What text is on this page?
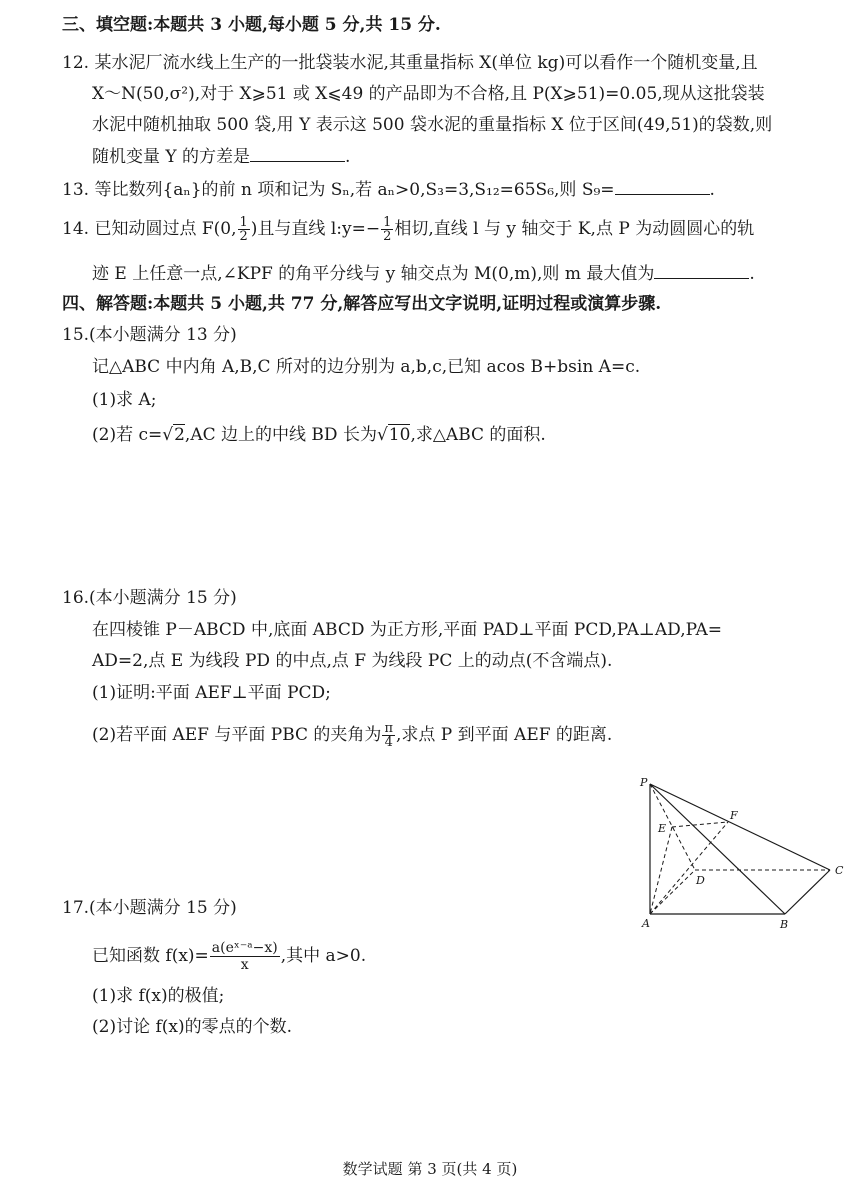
三、填空题:本题共 3 小题,每小题 5 分,共 15 分.
12. 某水泥厂流水线上生产的一批袋装水泥,其重量指标 X(单位 kg)可以看作一个随机变量,且
X～N(50,σ²),对于 X⩾51 或 X⩽49 的产品即为不合格,且 P(X⩾51)=0.05,现从这批袋装
水泥中随机抽取 500 袋,用 Y 表示这 500 袋水泥的重量指标 X 位于区间(49,51)的袋数,则
随机变量 Y 的方差是	.
13. 等比数列{aₙ}的前 n 项和记为 Sₙ,若 aₙ>0,S₃=3,S₁₂=65S₆,则 S₉=	.
14. 已知动圆过点 F(0, $\frac{1}{2}$ )且与直线 l:y=− $\frac{1}{2}$ 相切,直线 l 与 y 轴交于 K,点 P 为动圆圆心的轨
迹 E 上任意一点,∠KPF 的角平分线与 y 轴交点为 M(0,m),则 m 最大值为	.
四、解答题:本题共 5 小题,共 77 分,解答应写出文字说明,证明过程或演算步骤.
15.(本小题满分 13 分)
记△ABC 中内角 A,B,C 所对的边分别为 a,b,c,已知 acos B+bsin A=c.
(1)求 A;
(2)若 c=√2,AC 边上的中线 BD 长为√10,求△ABC 的面积.
16.(本小题满分 15 分)
在四棱锥 P－ABCD 中,底面 ABCD 为正方形,平面 PAD⊥平面 PCD,PA⊥AD,PA=
AD=2,点 E 为线段 PD 的中点,点 F 为线段 PC 上的动点(不含端点).
(1)证明:平面 AEF⊥平面 PCD;
(2)若平面 AEF 与平面 PBC 的夹角为 $\frac{\pi}{4}$ ,求点 P 到平面 AEF 的距离.
P
E
F
D
C
A	B
17.(本小题满分 15 分)
已知函数 $f(x)= \frac{\text{a(eˣ⁻ᵃ−x)}}{x}$ ,其中 a>0.
(1)求 f(x)的极值;
(2)讨论 f(x)的零点的个数.
数学试题 第 3 页(共 4 页)
